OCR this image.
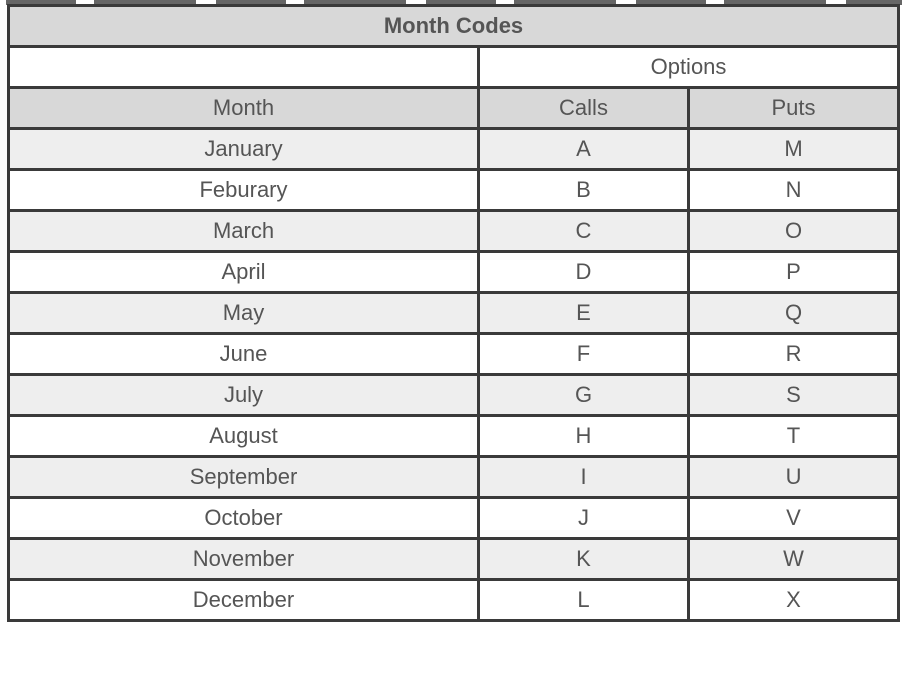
Month Codes		
	Options	
Month	Calls	Puts
January	A	M
Feburary	B	N
March	C	O
April	D	P
May	E	Q
June	F	R
July	G	S
August	H	T
September	I	U
October	J	V
November	K	W
December	L	X
